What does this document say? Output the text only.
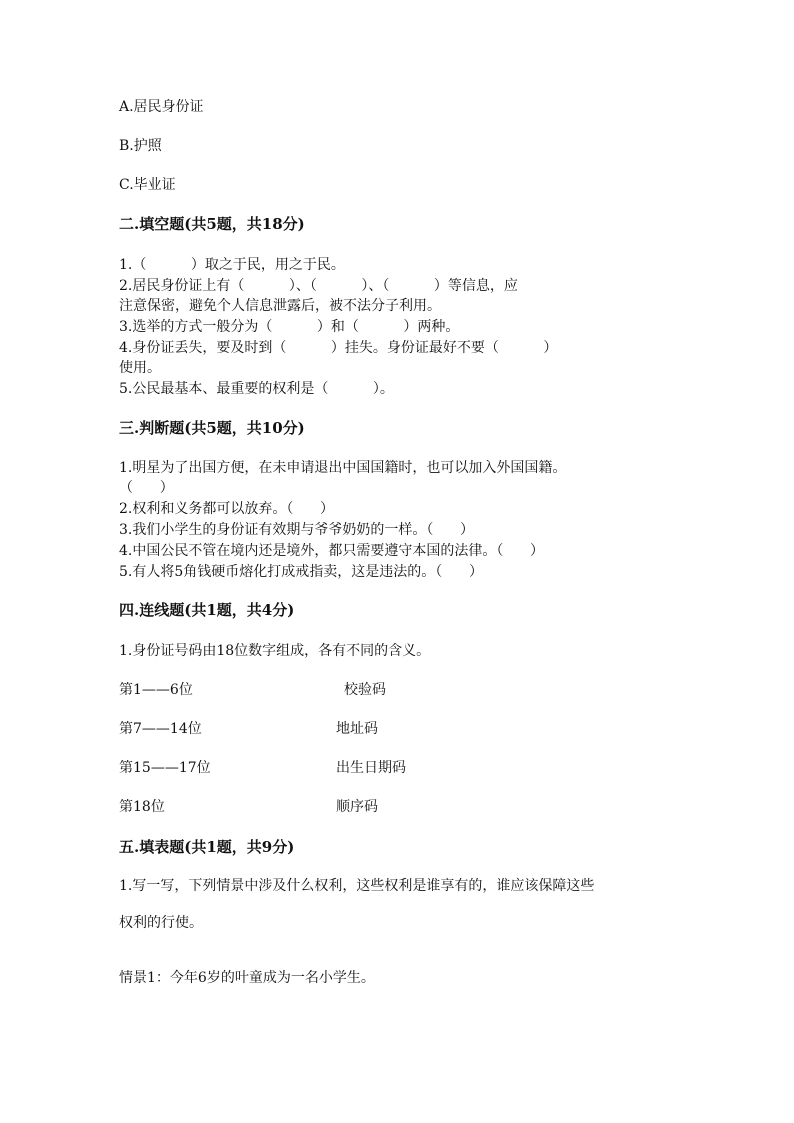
A.居民身份证
B.护照
C.毕业证
二.填空题(共5题，共18分)
1.（          ）取之于民，用之于民。
2.居民身份证上有（          ）、（          ）、（          ）等信息，应
注意保密，避免个人信息泄露后，被不法分子利用。
3.选举的方式一般分为（          ）和（          ）两种。
4.身份证丢失，要及时到（          ）挂失。身份证最好不要（          ）
使用。
5.公民最基本、最重要的权利是（          ）。
三.判断题(共5题，共10分)
1.明星为了出国方便，在未申请退出中国国籍时，也可以加入外国国籍。
（      ）
2.权利和义务都可以放弃。（      ）
3.我们小学生的身份证有效期与爷爷奶奶的一样。（      ）
4.中国公民不管在境内还是境外，都只需要遵守本国的法律。（      ）
5.有人将5角钱硬币熔化打成戒指卖，这是违法的。（      ）
四.连线题(共1题，共4分)
1.身份证号码由18位数字组成，各有不同的含义。
第1——6位	校验码
第7——14位	地址码
第15——17位	出生日期码
第18位	顺序码
五.填表题(共1题，共9分)
1.写一写，下列情景中涉及什么权利，这些权利是谁享有的，谁应该保障这些
权利的行使。
情景1：今年6岁的叶童成为一名小学生。
